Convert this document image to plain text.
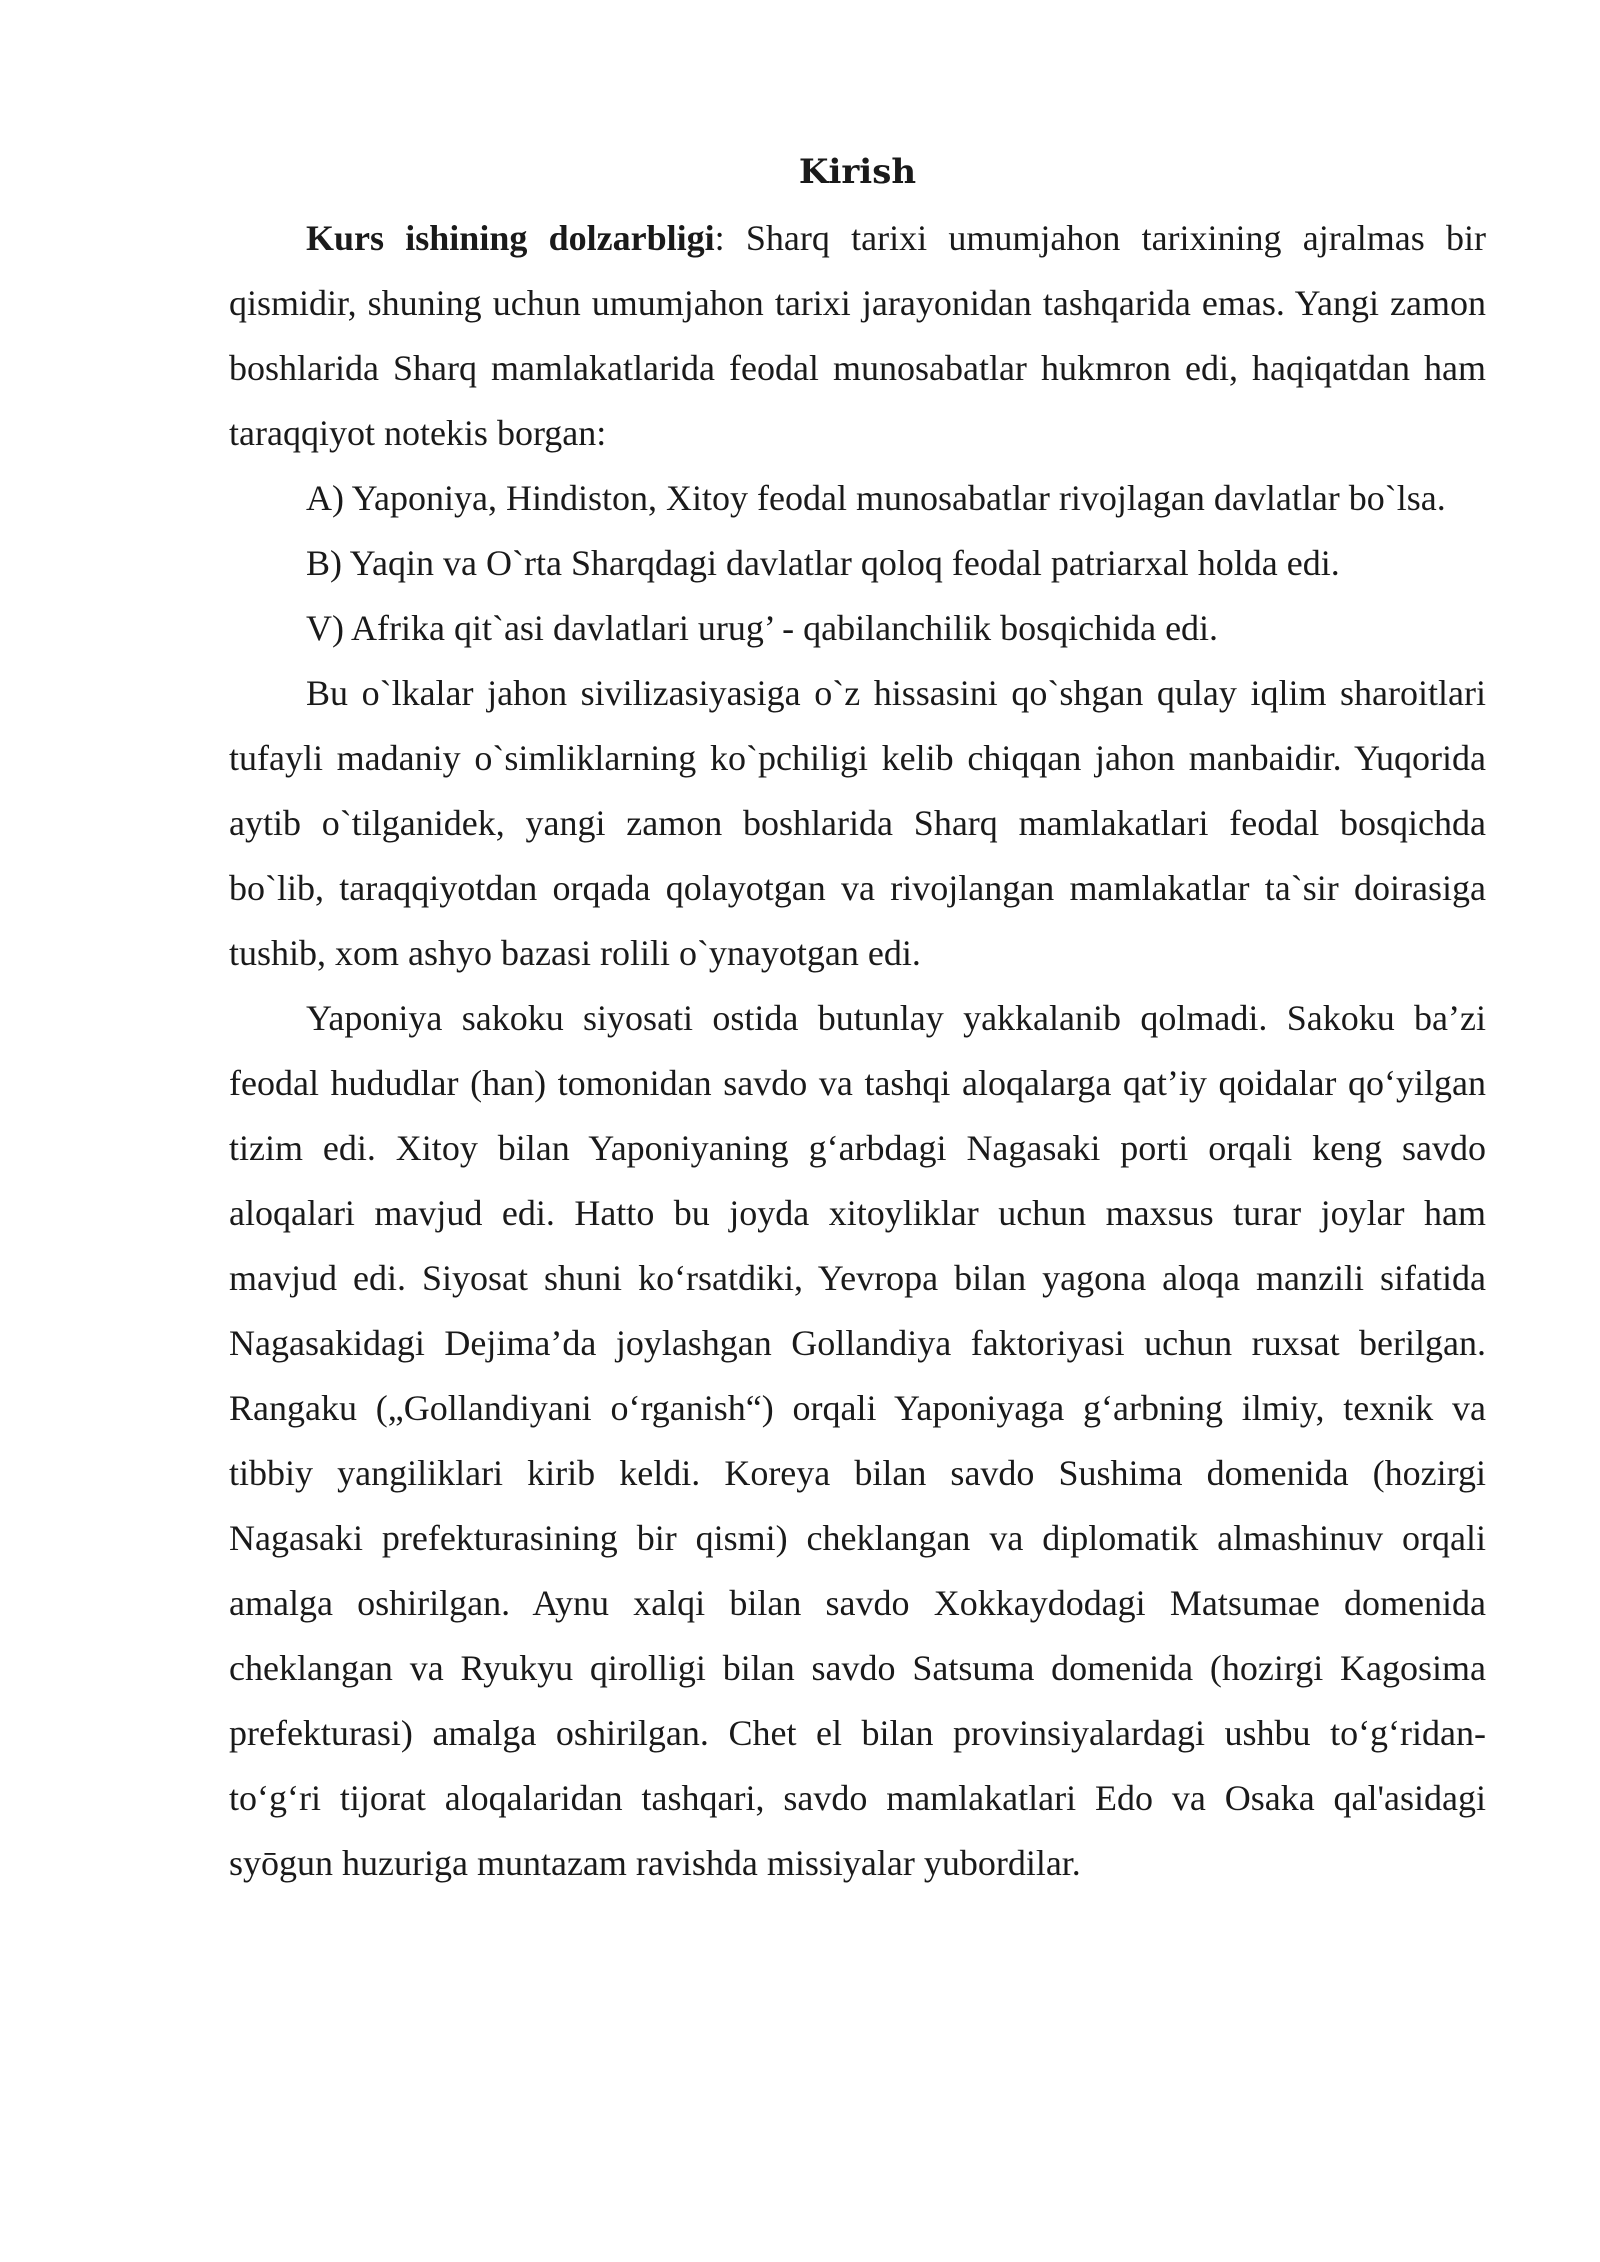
Kirish

Kurs ishining dolzarbligi: Sharq tarixi umumjahon tarixining ajralmas bir qismidir, shuning uchun umumjahon tarixi jarayonidan tashqarida emas. Yangi zamon boshlarida Sharq mamlakatlarida feodal munosabatlar hukmron edi, haqiqatdan ham taraqqiyot notekis borgan:

A) Yaponiya, Hindiston, Xitoy feodal munosabatlar rivojlagan davlatlar bo`lsa.

B) Yaqin va O`rta Sharqdagi davlatlar qoloq feodal patriarxal holda edi.

V) Afrika qit`asi davlatlari urug’ - qabilanchilik bosqichida edi.

Bu o`lkalar jahon sivilizasiyasiga o`z hissasini qo`shgan qulay iqlim sharoitlari tufayli madaniy o`simliklarning ko`pchiligi kelib chiqqan jahon manbaidir. Yuqorida aytib o`tilganidek, yangi zamon boshlarida Sharq mamlakatlari feodal bosqichda bo`lib, taraqqiyotdan orqada qolayotgan va rivojlangan mamlakatlar ta`sir doirasiga tushib, xom ashyo bazasi rolili o`ynayotgan edi.

Yaponiya sakoku siyosati ostida butunlay yakkalanib qolmadi. Sakoku ba’zi feodal hududlar (han) tomonidan savdo va tashqi aloqalarga qat’iy qoidalar qo‘yilgan tizim edi. Xitoy bilan Yaponiyaning g‘arbdagi Nagasaki porti orqali keng savdo aloqalari mavjud edi. Hatto bu joyda xitoyliklar uchun maxsus turar joylar ham mavjud edi. Siyosat shuni ko‘rsatdiki, Yevropa bilan yagona aloqa manzili sifatida Nagasakidagi Dejima’da joylashgan Gollandiya faktoriyasi uchun ruxsat berilgan. Rangaku („Gollandiyani o‘rganish“) orqali Yaponiyaga g‘arbning ilmiy, texnik va tibbiy yangiliklari kirib keldi. Koreya bilan savdo Sushima domenida (hozirgi Nagasaki prefekturasining bir qismi) cheklangan va diplomatik almashinuv orqali amalga oshirilgan. Aynu xalqi bilan savdo Xokkaydodagi Matsumae domenida cheklangan va Ryukyu qirolligi bilan savdo Satsuma domenida (hozirgi Kagosima prefekturasi) amalga oshirilgan. Chet el bilan provinsiyalardagi ushbu to‘g‘ridan-to‘g‘ri tijorat aloqalaridan tashqari, savdo mamlakatlari Edo va Osaka qal'asidagi syōgun huzuriga muntazam ravishda missiyalar yubordilar.
